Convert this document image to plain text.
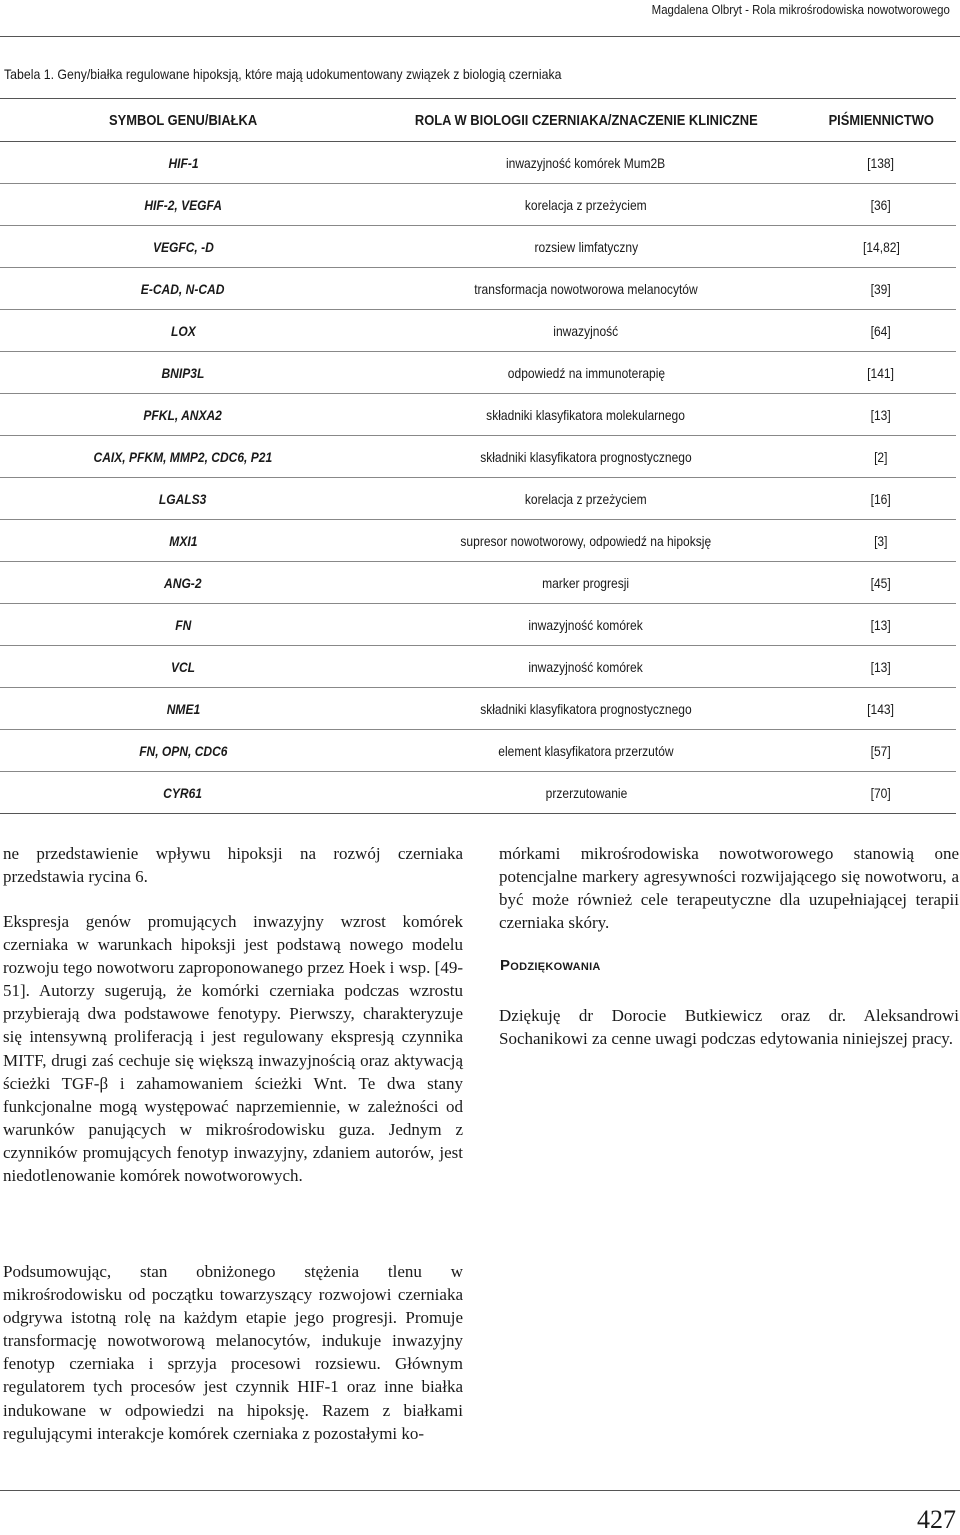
Magdalena Olbryt - Rola mikrośrodowiska nowotworowego
Tabela 1. Geny/białka regulowane hipoksją, które mają udokumentowany związek z biologią czerniaka
SYMBOL GENU/BIAŁKA	ROLA W BIOLOGII CZERNIAKA/ZNACZENIE KLINICZNE	PIŚMIENNICTWO
HIF-1	inwazyjność komórek Mum2B	[138]
HIF-2, VEGFA	korelacja z przeżyciem	[36]
VEGFC, -D	rozsiew limfatyczny	[14,82]
E-CAD, N-CAD	transformacja nowotworowa melanocytów	[39]
LOX	inwazyjność	[64]
BNIP3L	odpowiedź na immunoterapię	[141]
PFKL, ANXA2	składniki klasyfikatora molekularnego	[13]
CAIX, PFKM, MMP2, CDC6, P21	składniki klasyfikatora prognostycznego	[2]
LGALS3	korelacja z przeżyciem	[16]
MXI1	supresor nowotworowy, odpowiedź na hipoksję	[3]
ANG-2	marker progresji	[45]
FN	inwazyjność komórek	[13]
VCL	inwazyjność komórek	[13]
NME1	składniki klasyfikatora prognostycznego	[143]
FN, OPN, CDC6	element klasyfikatora przerzutów	[57]
CYR61	przerzutowanie	[70]

ne przedstawienie wpływu hipoksji na rozwój czerniaka przedstawia rycina 6.

Ekspresja genów promujących inwazyjny wzrost komórek czerniaka w warunkach hipoksji jest podstawą nowego modelu rozwoju tego nowotworu zaproponowanego przez Hoek i wsp. [49-51]. Autorzy sugerują, że komórki czerniaka podczas wzrostu przybierają dwa podstawowe fenotypy. Pierwszy, charakteryzuje się intensywną proliferacją i jest regulowany ekspresją czynnika MITF, drugi zaś cechuje się większą inwazyjnością oraz aktywacją ścieżki TGF-β i zahamowaniem ścieżki Wnt. Te dwa stany funkcjonalne mogą występować naprzemiennie, w zależności od warunków panujących w mikrośrodowisku guza. Jednym z czynników promujących fenotyp inwazyjny, zdaniem autorów, jest niedotlenowanie komórek nowotworowych.

Podsumowując, stan obniżonego stężenia tlenu w mikrośrodowisku od początku towarzyszący rozwojowi czerniaka odgrywa istotną rolę na każdym etapie jego progresji. Promuje transformację nowotworową melanocytów, indukuje inwazyjny fenotyp czerniaka i sprzyja procesowi rozsiewu. Głównym regulatorem tych procesów jest czynnik HIF-1 oraz inne białka indukowane w odpowiedzi na hipoksję. Razem z białkami regulującymi interakcje komórek czerniaka z pozostałymi ko-

mórkami mikrośrodowiska nowotworowego stanowią one potencjalne markery agresywności rozwijającego się nowotworu, a być może również cele terapeutyczne dla uzupełniającej terapii czerniaka skóry.

Podziękowania

Dziękuję dr Dorocie Butkiewicz oraz dr. Aleksandrowi Sochanikowi za cenne uwagi podczas edytowania niniejszej pracy.

427
